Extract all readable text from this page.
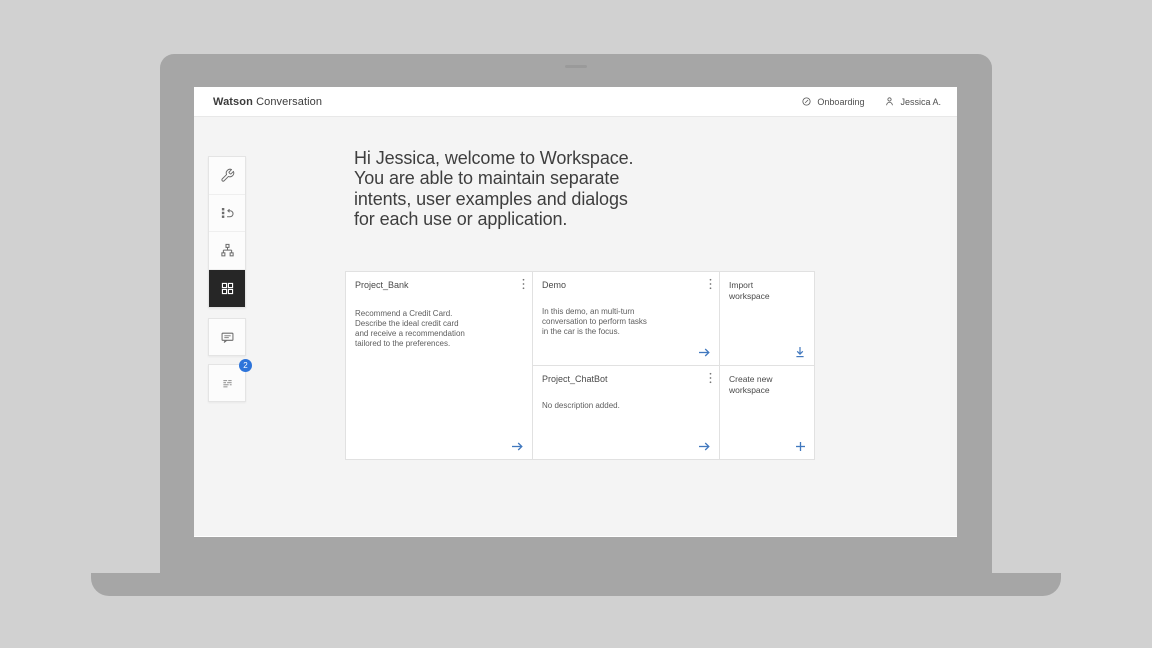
Watson Conversation	Onboarding	Jessica A.
2
Hi Jessica, welcome to Workspace.
You are able to maintain separate
intents, user examples and dialogs
for each use or application.
Project_Bank
Recommend a Credit Card.
Describe the ideal credit card
and receive a recommendation
tailored to the preferences.
Demo
In this demo, an multi-turn
conversation to perform tasks
in the car is the focus.
Project_ChatBot
No description added.
Import workspace
Create new workspace
